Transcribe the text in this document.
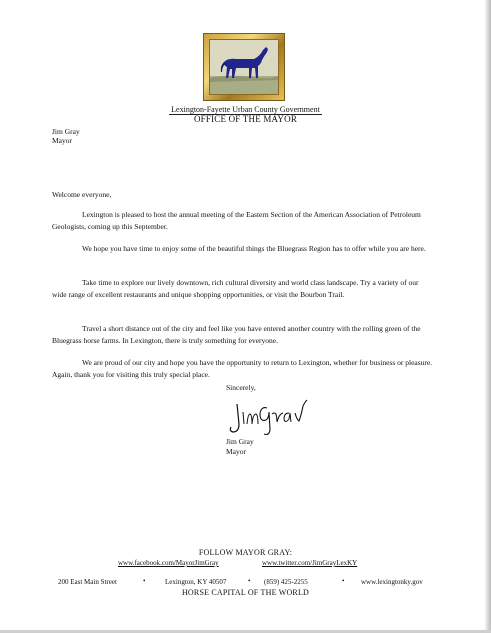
Lexington-Fayette Urban County Government
OFFICE OF THE MAYOR
Jim Gray
Mayor
Welcome everyone,

Lexington is pleased to host the annual meeting of the Eastern Section of the American Association of Petroleum Geologists, coming up this September.

We hope you have time to enjoy some of the beautiful things the Bluegrass Region has to offer while you are here.

Take time to explore our lively downtown, rich cultural diversity and world class landscape. Try a variety of our wide range of excellent restaurants and unique shopping opportunities, or visit the Bourbon Trail.

Travel a short distance out of the city and feel like you have entered another country with the rolling green of the Bluegrass horse farms. In Lexington, there is truly something for everyone.

We are proud of our city and hope you have the opportunity to return to Lexington, whether for business or pleasure. Again, thank you for visiting this truly special place.

Sincerely,
Jim Gray
Mayor
FOLLOW MAYOR GRAY:
www.facebook.com/MayorJimGray	www.twitter.com/JimGrayLexKY
200 East Main Street	•	Lexington, KY 40507	• (859) 425-2255	• www.lexingtonky.gov
HORSE CAPITAL OF THE WORLD
